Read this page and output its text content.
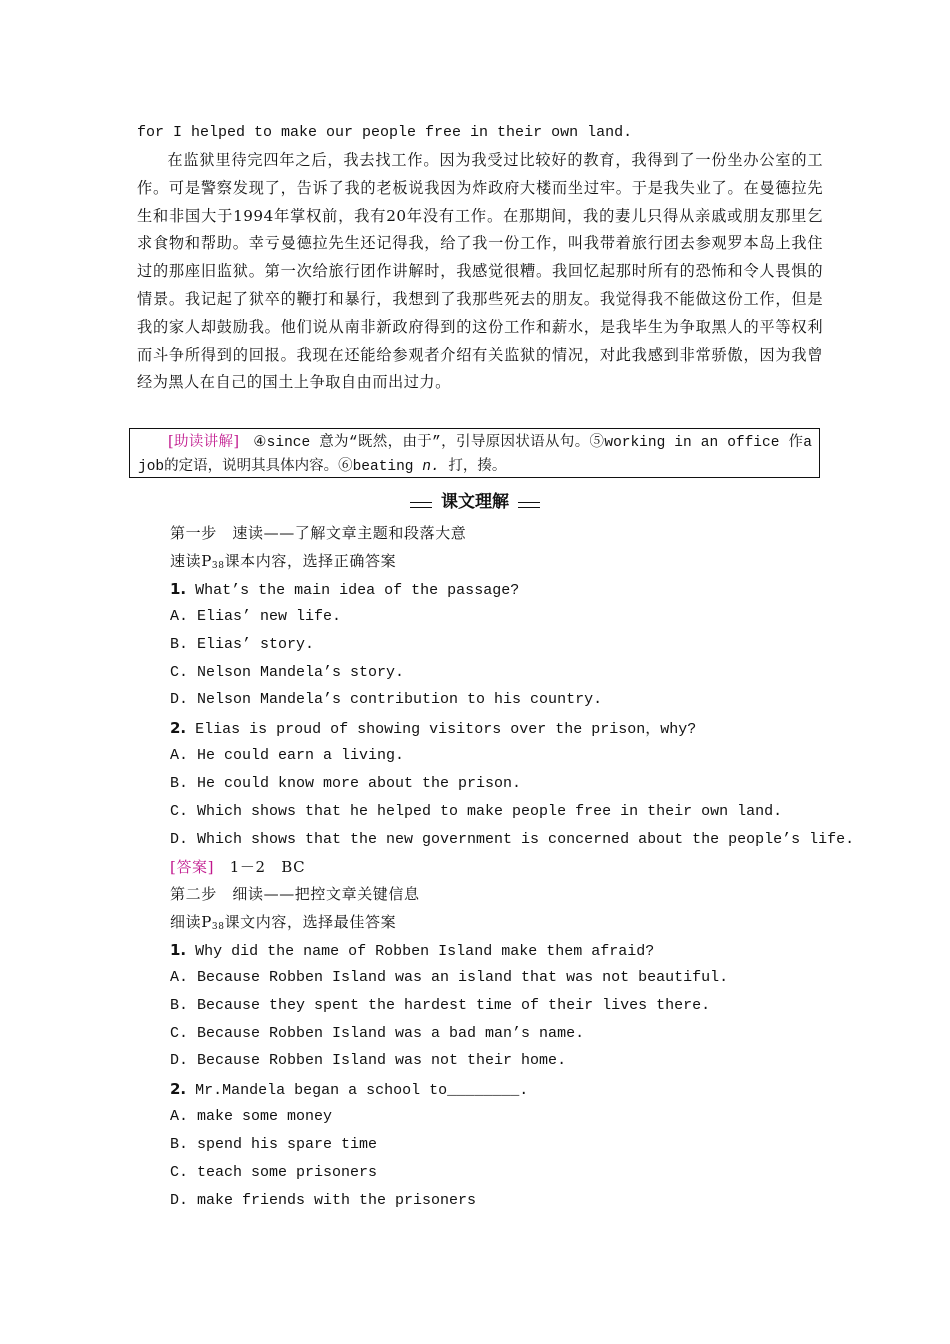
for I helped to make our people free in their own land.

在监狱里待完四年之后，我去找工作。因为我受过比较好的教育，我得到了一份坐办公室的工作。可是警察发现了，告诉了我的老板说我因为炸政府大楼而坐过牢。于是我失业了。在曼德拉先生和非国大于1994年掌权前，我有20年没有工作。在那期间，我的妻儿只得从亲戚或朋友那里乞求食物和帮助。幸亏曼德拉先生还记得我，给了我一份工作，叫我带着旅行团去参观罗本岛上我住过的那座旧监狱。第一次给旅行团作讲解时，我感觉很糟。我回忆起那时所有的恐怖和令人畏惧的情景。我记起了狱卒的鞭打和暴行，我想到了我那些死去的朋友。我觉得我不能做这份工作，但是我的家人却鼓励我。他们说从南非新政府得到的这份工作和薪水，是我毕生为争取黑人的平等权利而斗争所得到的回报。我现在还能给参观者介绍有关监狱的情况，对此我感到非常骄傲，因为我曾经为黑人在自己的国土上争取自由而出过力。

[助读讲解] ④since 意为“既然，由于”，引导原因状语从句。⑤working in an office 作a job的定语，说明其具体内容。⑥beating n. 打，揍。
课文理解
第一步　速读——了解文章主题和段落大意
速读$P_{38}$课本内容，选择正确答案
1. What’s the main idea of the passage?
A. Elias’ new life.
B. Elias’ story.
C. Nelson Mandela’s story.
D. Nelson Mandela’s contribution to his country.
2. Elias is proud of showing visitors over the prison，why?
A. He could earn a living.
B. He could know more about the prison.
C. Which shows that he helped to make people free in their own land.
D. Which shows that the new government is concerned about the people’s life.
[答案]　1－2　BC
第二步　细读——把控文章关键信息
细读$P_{38}$课文内容，选择最佳答案
1. Why did the name of Robben Island make them afraid?
A. Because Robben Island was an island that was not beautiful.
B. Because they spent the hardest time of their lives there.
C. Because Robben Island was a bad man’s name.
D. Because Robben Island was not their home.
2. Mr.Mandela began a school to________.
A. make some money
B. spend his spare time
C. teach some prisoners
D. make friends with the prisoners
